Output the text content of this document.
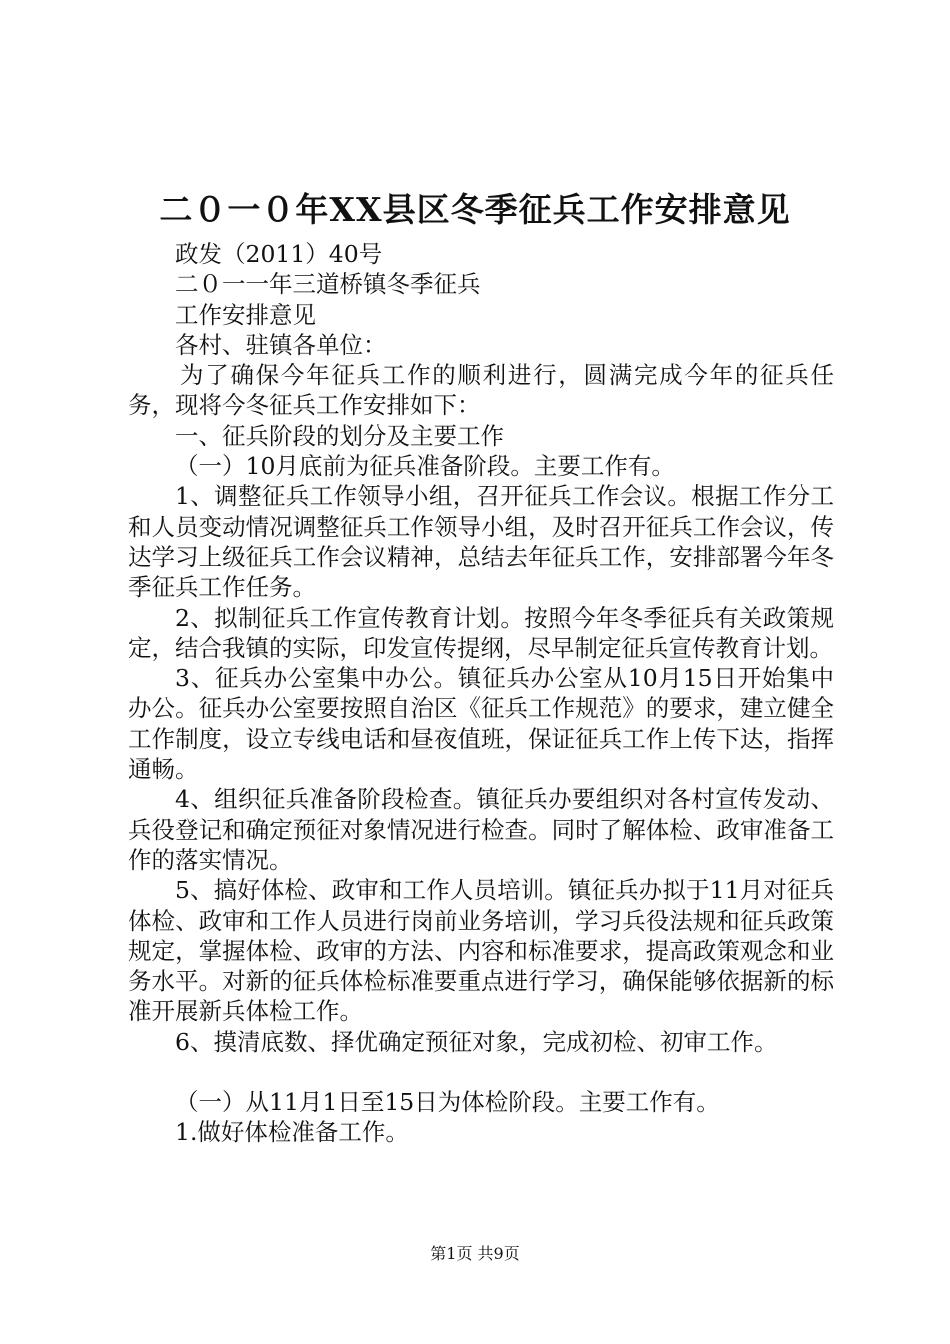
二０一０年XX县区冬季征兵工作安排意见

政发（2011）40号

二０一一年三道桥镇冬季征兵

工作安排意见

各村、驻镇各单位：

为了确保今年征兵工作的顺利进行，圆满完成今年的征兵任务，现将今冬征兵工作安排如下：

一、征兵阶段的划分及主要工作

（一）10月底前为征兵准备阶段。主要工作有。

1、调整征兵工作领导小组，召开征兵工作会议。根据工作分工和人员变动情况调整征兵工作领导小组，及时召开征兵工作会议，传达学习上级征兵工作会议精神，总结去年征兵工作，安排部署今年冬季征兵工作任务。

2、拟制征兵工作宣传教育计划。按照今年冬季征兵有关政策规定，结合我镇的实际，印发宣传提纲，尽早制定征兵宣传教育计划。

3、征兵办公室集中办公。镇征兵办公室从10月15日开始集中办公。征兵办公室要按照自治区《征兵工作规范》的要求，建立健全工作制度，设立专线电话和昼夜值班，保证征兵工作上传下达，指挥通畅。

4、组织征兵准备阶段检查。镇征兵办要组织对各村宣传发动、兵役登记和确定预征对象情况进行检查。同时了解体检、政审准备工作的落实情况。

5、搞好体检、政审和工作人员培训。镇征兵办拟于11月对征兵体检、政审和工作人员进行岗前业务培训，学习兵役法规和征兵政策规定，掌握体检、政审的方法、内容和标准要求，提高政策观念和业务水平。对新的征兵体检标准要重点进行学习，确保能够依据新的标准开展新兵体检工作。

6、摸清底数、择优确定预征对象，完成初检、初审工作。

（一）从11月1日至15日为体检阶段。主要工作有。

1.做好体检准备工作。

第1页 共9页
